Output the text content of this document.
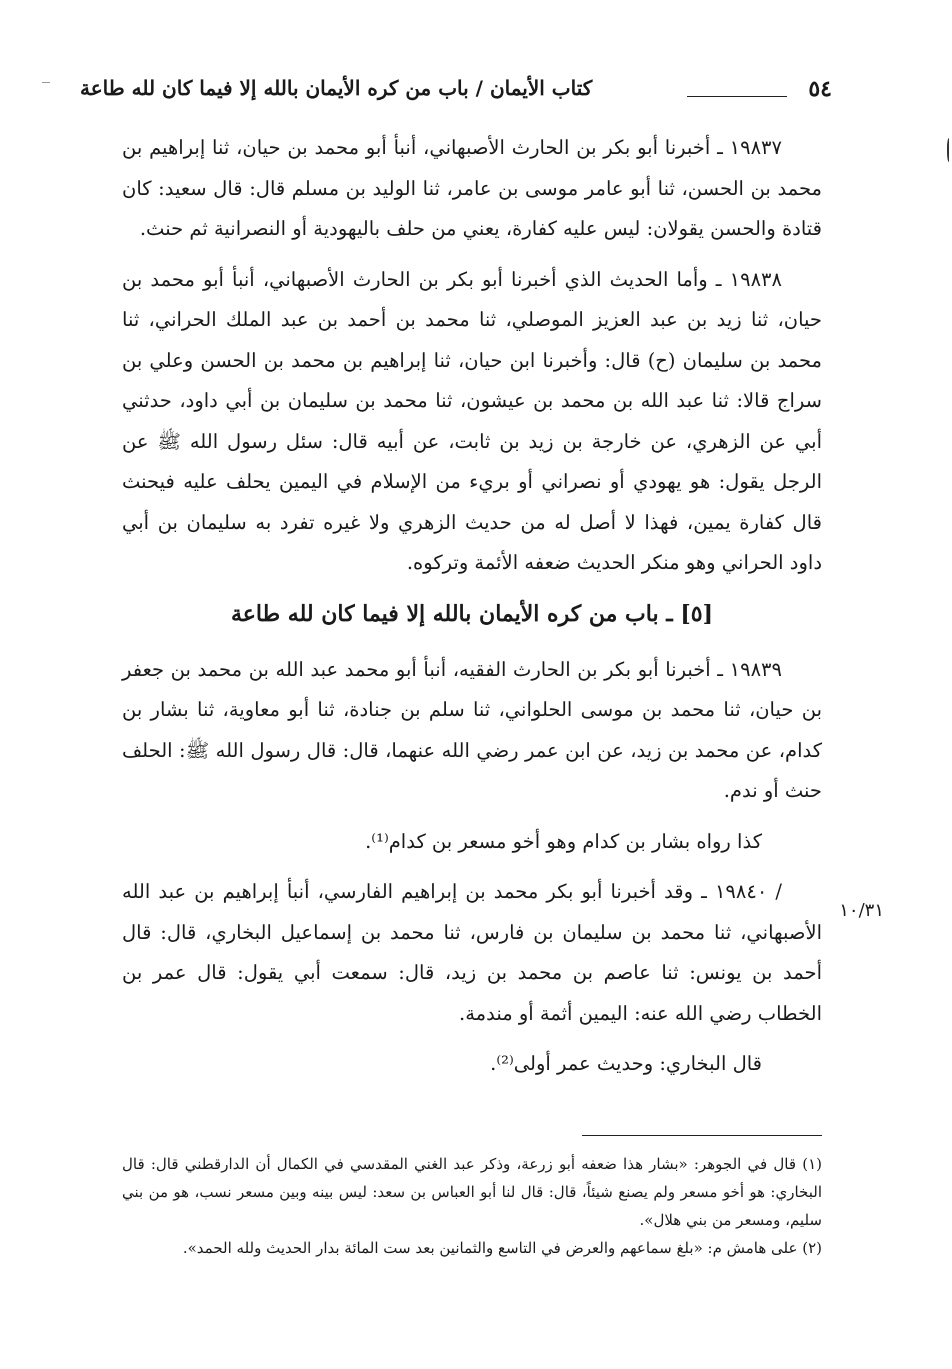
٥٤
كتاب الأيمان / باب من كره الأيمان بالله إلا فيما كان لله طاعة

١٩٨٣٧ ـ أخبرنا أبو بكر بن الحارث الأصبهاني، أنبأ أبو محمد بن حيان، ثنا إبراهيم بن محمد بن الحسن، ثنا أبو عامر موسى بن عامر، ثنا الوليد بن مسلم قال: قال سعيد: كان قتادة والحسن يقولان: ليس عليه كفارة، يعني من حلف باليهودية أو النصرانية ثم حنث.

١٩٨٣٨ ـ وأما الحديث الذي أخبرنا أبو بكر بن الحارث الأصبهاني، أنبأ أبو محمد بن حيان، ثنا زيد بن عبد العزيز الموصلي، ثنا محمد بن أحمد بن عبد الملك الحراني، ثنا محمد بن سليمان (ح) قال: وأخبرنا ابن حيان، ثنا إبراهيم بن محمد بن الحسن وعلي بن سراج قالا: ثنا عبد الله بن محمد بن عيشون، ثنا محمد بن سليمان بن أبي داود، حدثني أبي عن الزهري، عن خارجة بن زيد بن ثابت، عن أبيه قال: سئل رسول الله ﷺ عن الرجل يقول: هو يهودي أو نصراني أو بريء من الإسلام في اليمين يحلف عليه فيحنث قال كفارة يمين، فهذا لا أصل له من حديث الزهري ولا غيره تفرد به سليمان بن أبي داود الحراني وهو منكر الحديث ضعفه الأئمة وتركوه.

[٥] ـ باب من كره الأيمان بالله إلا فيما كان لله طاعة

١٩٨٣٩ ـ أخبرنا أبو بكر بن الحارث الفقيه، أنبأ أبو محمد عبد الله بن محمد بن جعفر بن حيان، ثنا محمد بن موسى الحلواني، ثنا سلم بن جنادة، ثنا أبو معاوية، ثنا بشار بن كدام، عن محمد بن زيد، عن ابن عمر رضي الله عنهما، قال: قال رسول الله ﷺ: الحلف حنث أو ندم.

كذا رواه بشار بن كدام وهو أخو مسعر بن كدام⁽¹⁾.

/ ١٩٨٤٠ ـ وقد أخبرنا أبو بكر محمد بن إبراهيم الفارسي، أنبأ إبراهيم بن عبد الله الأصبهاني، ثنا محمد بن سليمان بن فارس، ثنا محمد بن إسماعيل البخاري، قال: قال أحمد بن يونس: ثنا عاصم بن محمد بن زيد، قال: سمعت أبي يقول: قال عمر بن الخطاب رضي الله عنه: اليمين أثمة أو مندمة.

قال البخاري: وحديث عمر أولى⁽²⁾.

١٠/٣١

(١) قال في الجوهر: «بشار هذا ضعفه أبو زرعة، وذكر عبد الغني المقدسي في الكمال أن الدارقطني قال: قال البخاري: هو أخو مسعر ولم يصنع شيئاً، قال: قال لنا أبو العباس بن سعد: ليس بينه وبين مسعر نسب، هو من بني سليم، ومسعر من بني هلال».

(٢) على هامش م: «بلغ سماعهم والعرض في التاسع والثمانين بعد ست المائة بدار الحديث ولله الحمد».
